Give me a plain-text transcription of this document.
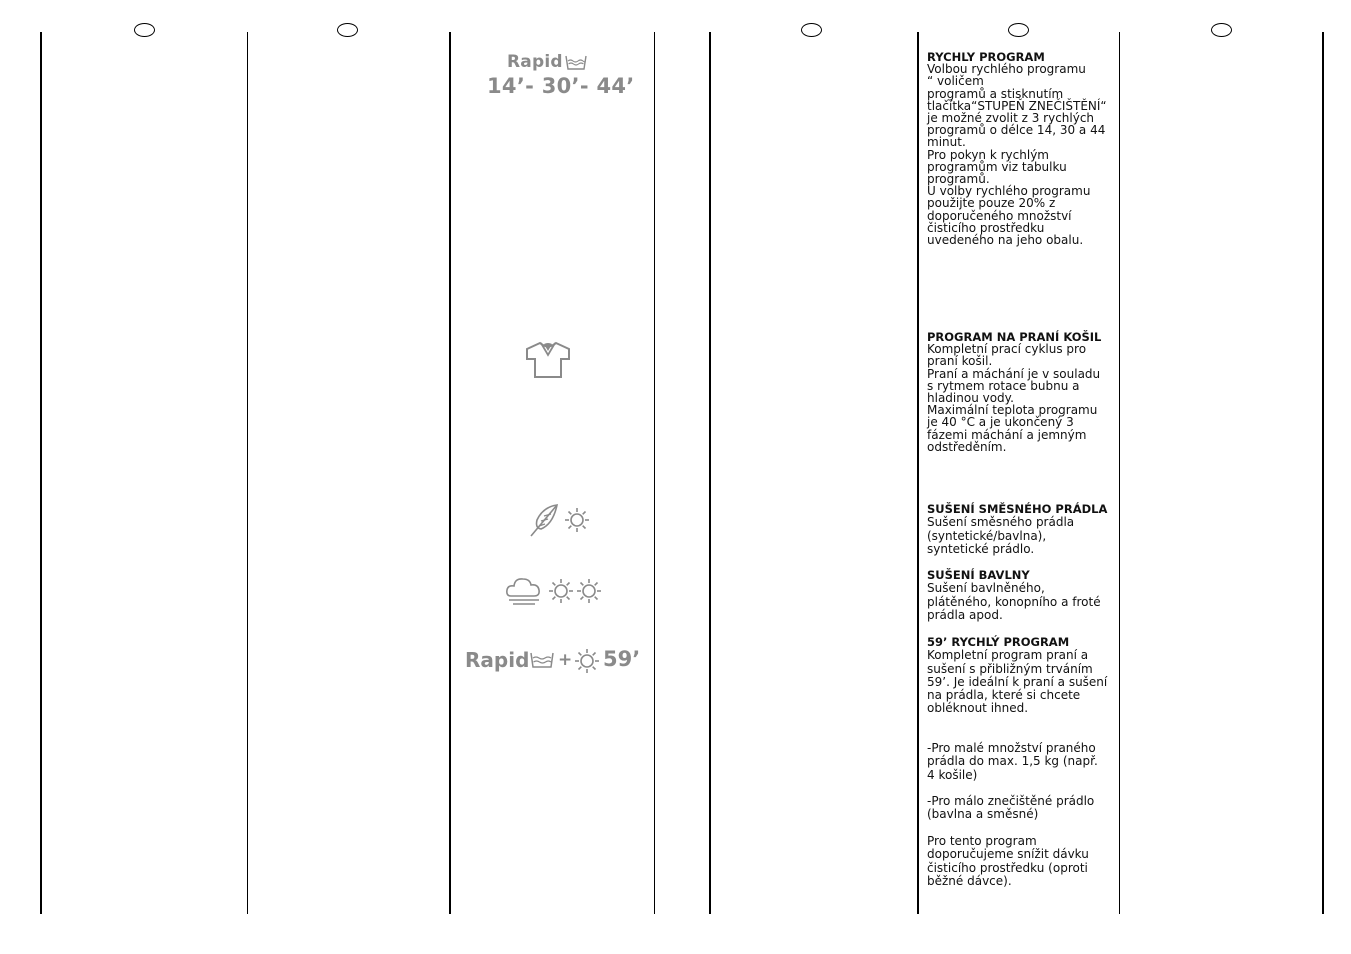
Rapid
14’- 30’- 44’
Rapid + 59’
RYCHLY PROGRAM

Volbou rychlého programu
“ voličem
programů a stisknutím
tlačítka“STUPEŇ ZNEČIŠTĚNÍ“
je možné zvolit z 3 rychlých
programů o délce 14, 30 a 44
minut.
Pro pokyn k rychlým
programům viz tabulku
programů.
U volby rychlého programu
použijte pouze 20% z
doporučeného množství
čisticího prostředku
uvedeného na jeho obalu.

PROGRAM NA PRANÍ KOŠIL

Kompletní prací cyklus pro
praní košil.
Praní a máchání je v souladu
s rytmem rotace bubnu a
hladinou vody.
Maximální teplota programu
je 40 °C a je ukončený 3
fázemi máchání a jemným
odstředěním.

SUŠENÍ SMĚSNÉHO PRÁDLA

Sušení směsného prádla
(syntetické/bavlna),
syntetické prádlo.

SUŠENÍ BAVLNY

Sušení bavlněného,
plátěného, konopního a froté
prádla apod.

59’ RYCHLÝ PROGRAM

Kompletní program praní a
sušení s přibližným trváním
59’. Je ideální k praní a sušení
na prádla, které si chcete
obléknout ihned.

-Pro malé množství praného
prádla do max. 1,5 kg (např.
4 košile)

-Pro málo znečištěné prádlo
(bavlna a směsné)

Pro tento program
doporučujeme snížit dávku
čisticího prostředku (oproti
běžné dávce).
